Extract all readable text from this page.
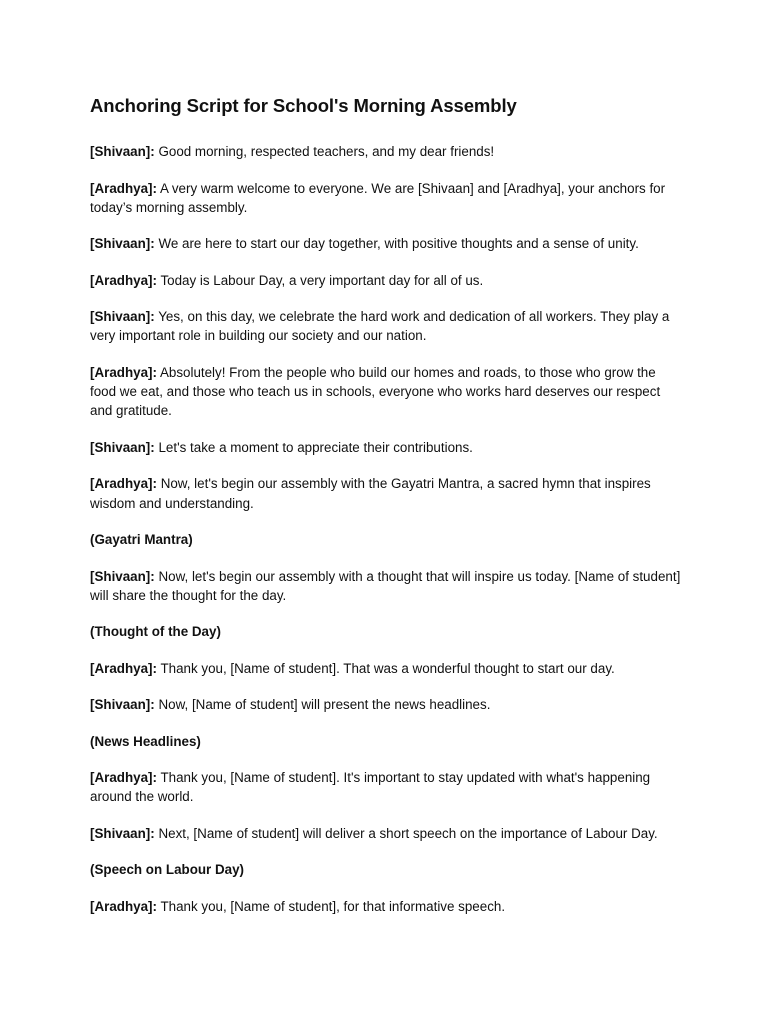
Anchoring Script for School's Morning Assembly

[Shivaan]: Good morning, respected teachers, and my dear friends!

[Aradhya]: A very warm welcome to everyone. We are [Shivaan] and [Aradhya], your anchors for today’s morning assembly.

[Shivaan]: We are here to start our day together, with positive thoughts and a sense of unity.

[Aradhya]: Today is Labour Day, a very important day for all of us.

[Shivaan]: Yes, on this day, we celebrate the hard work and dedication of all workers. They play a very important role in building our society and our nation.

[Aradhya]: Absolutely! From the people who build our homes and roads, to those who grow the food we eat, and those who teach us in schools, everyone who works hard deserves our respect and gratitude.

[Shivaan]: Let's take a moment to appreciate their contributions.

[Aradhya]: Now, let's begin our assembly with the Gayatri Mantra, a sacred hymn that inspires wisdom and understanding.

(Gayatri Mantra)

[Shivaan]: Now, let's begin our assembly with a thought that will inspire us today. [Name of student] will share the thought for the day.

(Thought of the Day)

[Aradhya]: Thank you, [Name of student]. That was a wonderful thought to start our day.

[Shivaan]: Now, [Name of student] will present the news headlines.

(News Headlines)

[Aradhya]: Thank you, [Name of student]. It's important to stay updated with what's happening around the world.

[Shivaan]: Next, [Name of student] will deliver a short speech on the importance of Labour Day.

(Speech on Labour Day)

[Aradhya]: Thank you, [Name of student], for that informative speech.
